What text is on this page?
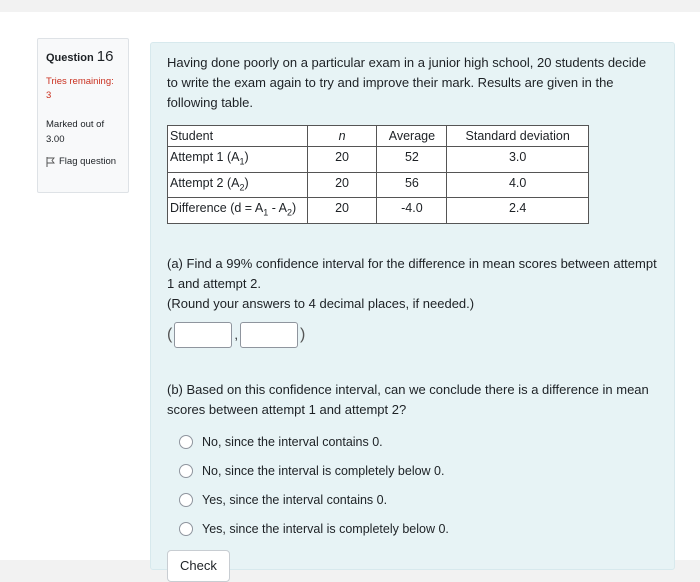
Question 16
Tries remaining:
3
Marked out of
3.00
Flag question

Having done poorly on a particular exam in a junior high school, 20 students decide to write the exam again to try and improve their mark. Results are given in the following table.

Student	n	Average	Standard deviation
Attempt 1 $(A_1)$	20	52	3.0
Attempt 2 $(A_2)$	20	56	4.0
Difference $(d = A_1 - A_2)$	20	-4.0	2.4

(a) Find a 99% confidence interval for the difference in mean scores between attempt 1 and attempt 2.

(Round your answers to 4 decimal places, if needed.)

(	,	)

(b) Based on this confidence interval, can we conclude there is a difference in mean scores between attempt 1 and attempt 2?

No, since the interval contains 0.
No, since the interval is completely below 0.
Yes, since the interval contains 0.
Yes, since the interval is completely below 0.
Check
